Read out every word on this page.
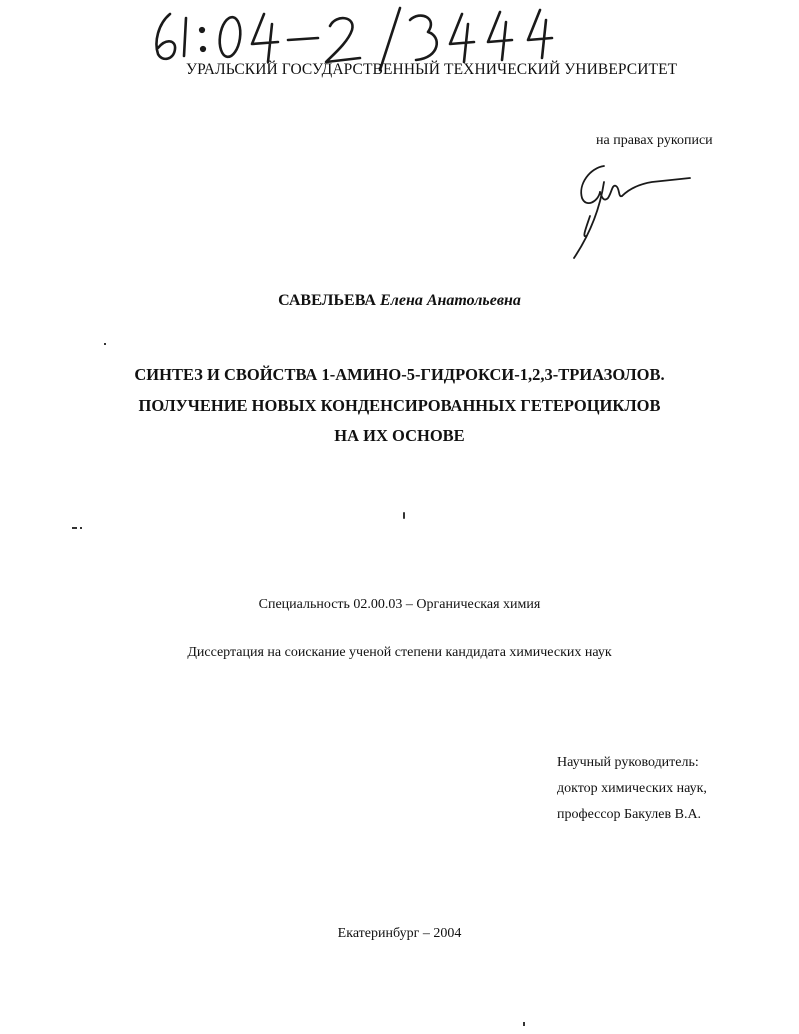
61:04-2/3444
УРАЛЬСКИЙ ГОСУДАРСТВЕННЫЙ ТЕХНИЧЕСКИЙ УНИВЕРСИТЕТ
на правах рукописи
САВЕЛЬЕВА Елена Анатольевна
СИНТЕЗ И СВОЙСТВА 1-АМИНО-5-ГИДРОКСИ-1,2,3-ТРИАЗОЛОВ.
ПОЛУЧЕНИЕ НОВЫХ КОНДЕНСИРОВАННЫХ ГЕТЕРОЦИКЛОВ
НА ИХ ОСНОВЕ
Специальность 02.00.03 – Органическая химия
Диссертация на соискание ученой степени кандидата химических наук
Научный руководитель:
доктор химических наук,
профессор Бакулев В.А.
Екатеринбург – 2004
